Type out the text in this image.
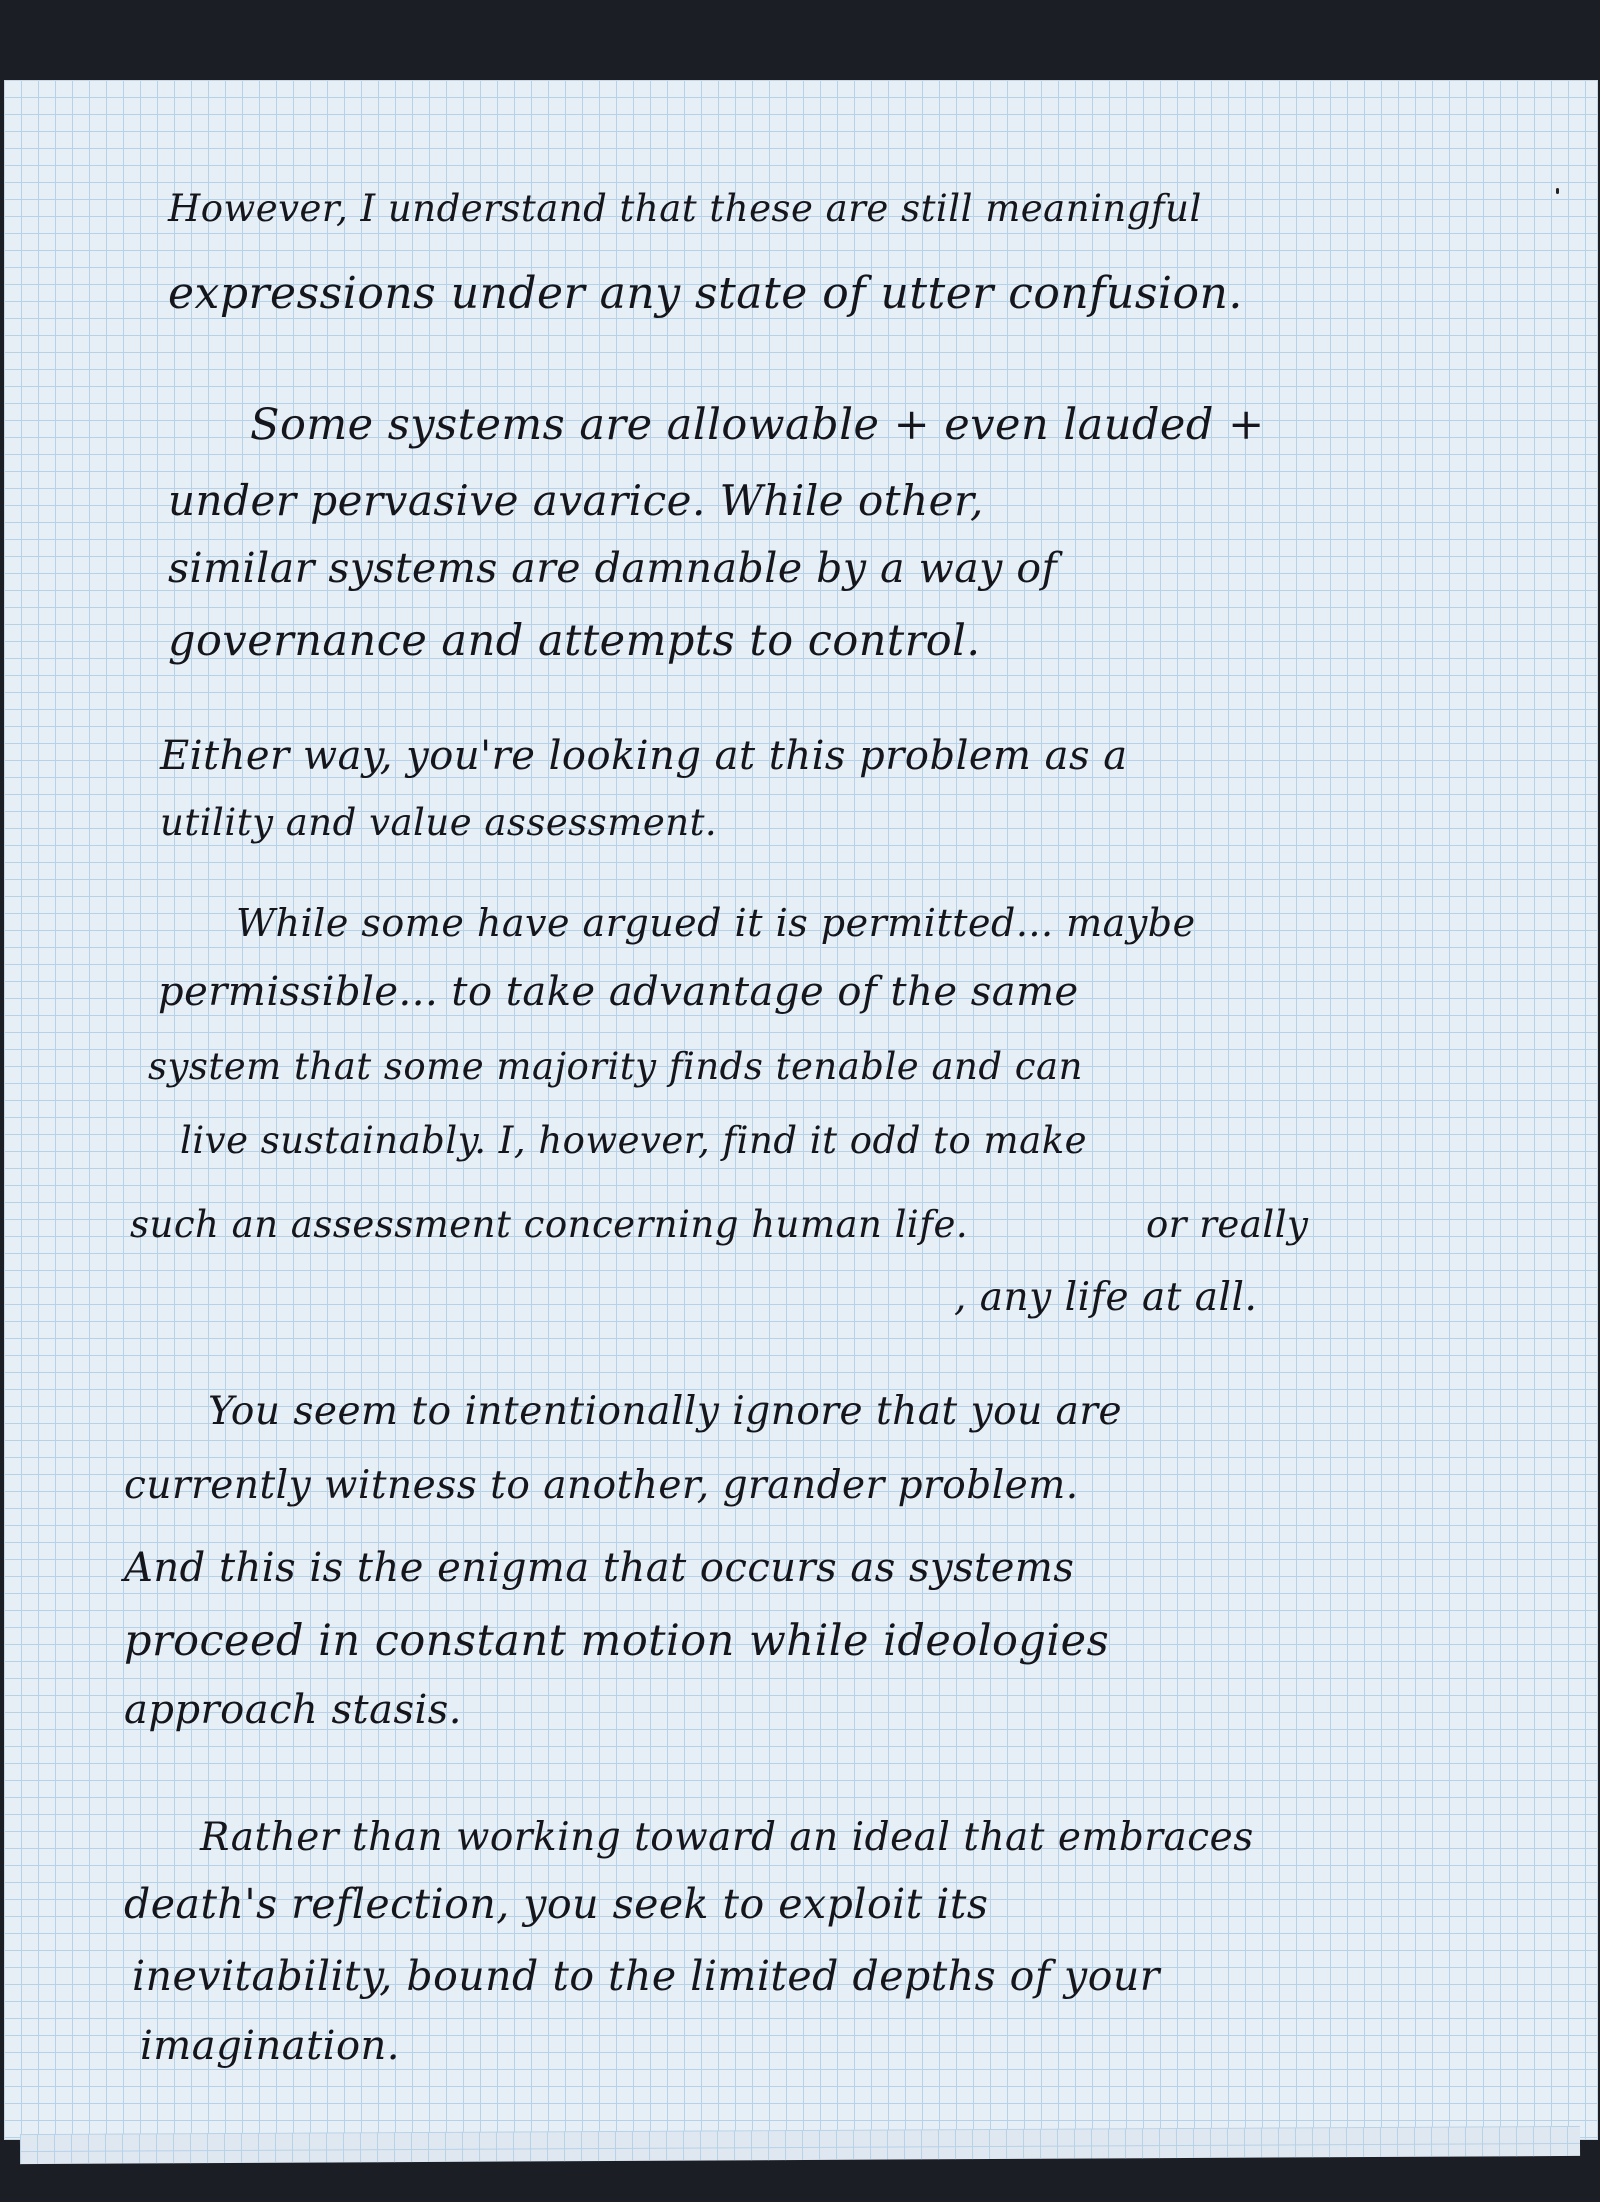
However, I understand that these are still meaningful

expressions under any state of utter confusion.

Some systems are allowable + even lauded +

under pervasive avarice. While other,

similar systems are damnable by a way of

governance and attempts to control.

Either way, you're looking at this problem as a

utility and value assessment.

While some have argued it is permitted... maybe

permissible... to take advantage of the same

system that some majority finds tenable and can

live sustainably. I, however, find it odd to make

such an assessment concerning human life.	or really

, any life at all.

You seem to intentionally ignore that you are

currently witness to another, grander problem.

And this is the enigma that occurs as systems

proceed in constant motion while ideologies

approach stasis.

Rather than working toward an ideal that embraces

death's reflection, you seek to exploit its

inevitability, bound to the limited depths of your

imagination.
